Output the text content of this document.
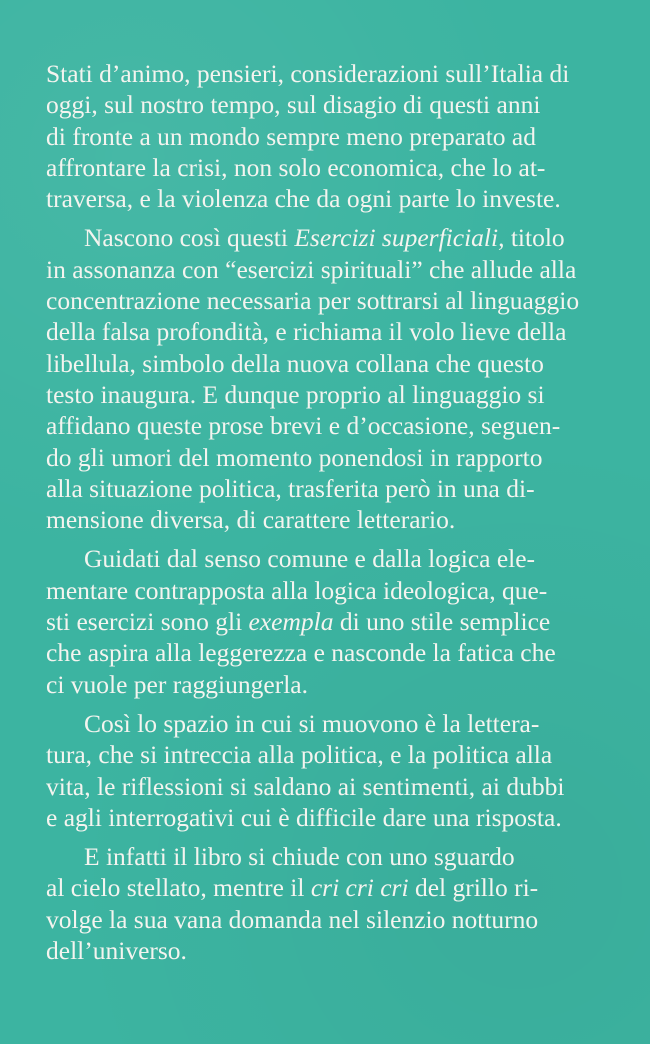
Stati d’animo, pensieri, considerazioni sull’Italia di
oggi, sul nostro tempo, sul disagio di questi anni
di fronte a un mondo sempre meno preparato ad
affrontare la crisi, non solo economica, che lo at-
traversa, e la violenza che da ogni parte lo investe.
Nascono così questi Esercizi superficiali, titolo
in assonanza con “esercizi spirituali” che allude alla
concentrazione necessaria per sottrarsi al linguaggio
della falsa profondità, e richiama il volo lieve della
libellula, simbolo della nuova collana che questo
testo inaugura. E dunque proprio al linguaggio si
affidano queste prose brevi e d’occasione, seguen-
do gli umori del momento ponendosi in rapporto
alla situazione politica, trasferita però in una di-
mensione diversa, di carattere letterario.
Guidati dal senso comune e dalla logica ele-
mentare contrapposta alla logica ideologica, que-
sti esercizi sono gli exempla di uno stile semplice
che aspira alla leggerezza e nasconde la fatica che
ci vuole per raggiungerla.
Così lo spazio in cui si muovono è la lettera-
tura, che si intreccia alla politica, e la politica alla
vita, le riflessioni si saldano ai sentimenti, ai dubbi
e agli interrogativi cui è difficile dare una risposta.
E infatti il libro si chiude con uno sguardo
al cielo stellato, mentre il cri cri cri del grillo ri-
volge la sua vana domanda nel silenzio notturno
dell’universo.
